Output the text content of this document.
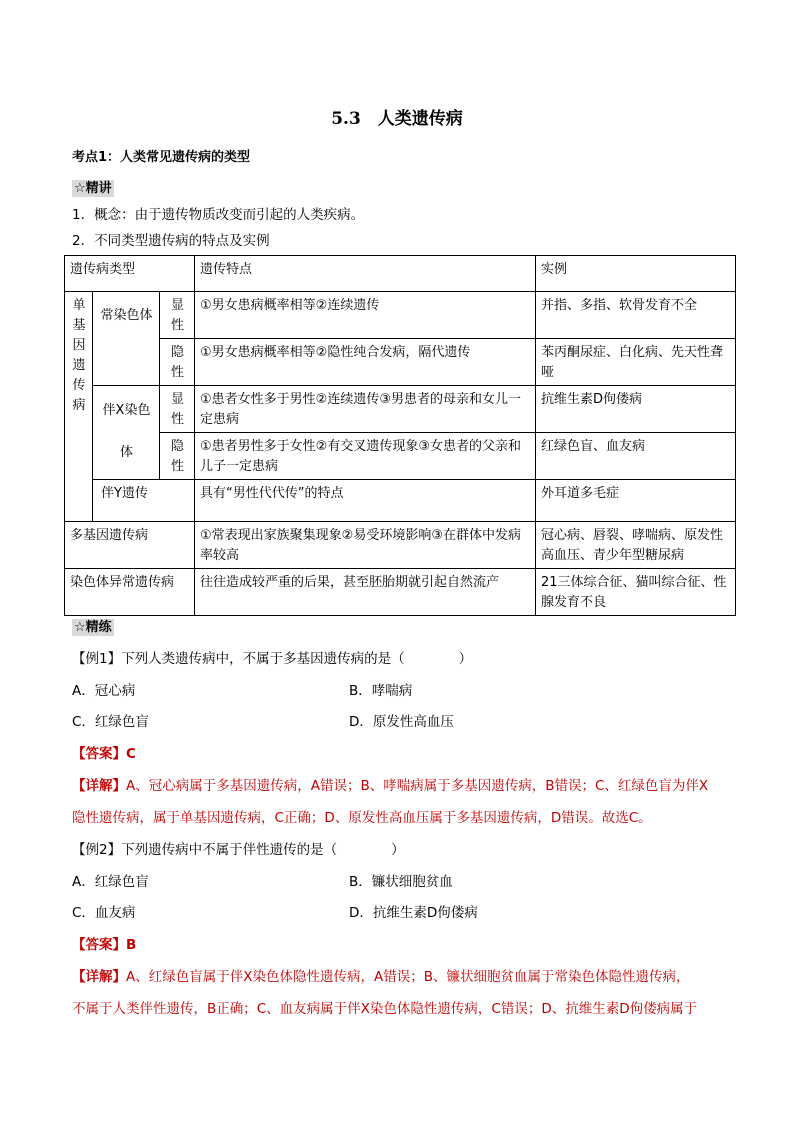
5.3　人类遗传病
考点1：人类常见遗传病的类型
☆精讲
1．概念：由于遗传物质改变而引起的人类疾病。
2．不同类型遗传病的特点及实例
遗传病类型			遗传特点	实例
单基因遗传病	常染色体	显性	①男女患病概率相等②连续遗传	并指、多指、软骨发育不全
		隐性	①男女患病概率相等②隐性纯合发病，隔代遗传	苯丙酮尿症、白化病、先天性聋哑
	伴X染色体	显性	①患者女性多于男性②连续遗传③男患者的母亲和女儿一定患病	抗维生素D佝偻病
		隐性	①患者男性多于女性②有交叉遗传现象③女患者的父亲和儿子一定患病	红绿色盲、血友病
	伴Y遗传		具有“男性代代传”的特点	外耳道多毛症
多基因遗传病			①常表现出家族聚集现象②易受环境影响③在群体中发病率较高	冠心病、唇裂、哮喘病、原发性高血压、青少年型糖尿病
染色体异常遗传病			往往造成较严重的后果，甚至胚胎期就引起自然流产	21三体综合征、猫叫综合征、性腺发育不良
☆精练
【例1】下列人类遗传病中，不属于多基因遗传病的是（　　　　）
A．冠心病	B．哮喘病
C．红绿色盲	D．原发性高血压
【答案】C
【详解】A、冠心病属于多基因遗传病，A错误；B、哮喘病属于多基因遗传病，B错误；C、红绿色盲为伴X
隐性遗传病，属于单基因遗传病，C正确；D、原发性高血压属于多基因遗传病，D错误。故选C。
【例2】下列遗传病中不属于伴性遗传的是（　　　　）
A．红绿色盲	B．镰状细胞贫血
C．血友病	D．抗维生素D佝偻病
【答案】B
【详解】A、红绿色盲属于伴X染色体隐性遗传病，A错误；B、镰状细胞贫血属于常染色体隐性遗传病，
不属于人类伴性遗传，B正确；C、血友病属于伴X染色体隐性遗传病，C错误；D、抗维生素D佝偻病属于
